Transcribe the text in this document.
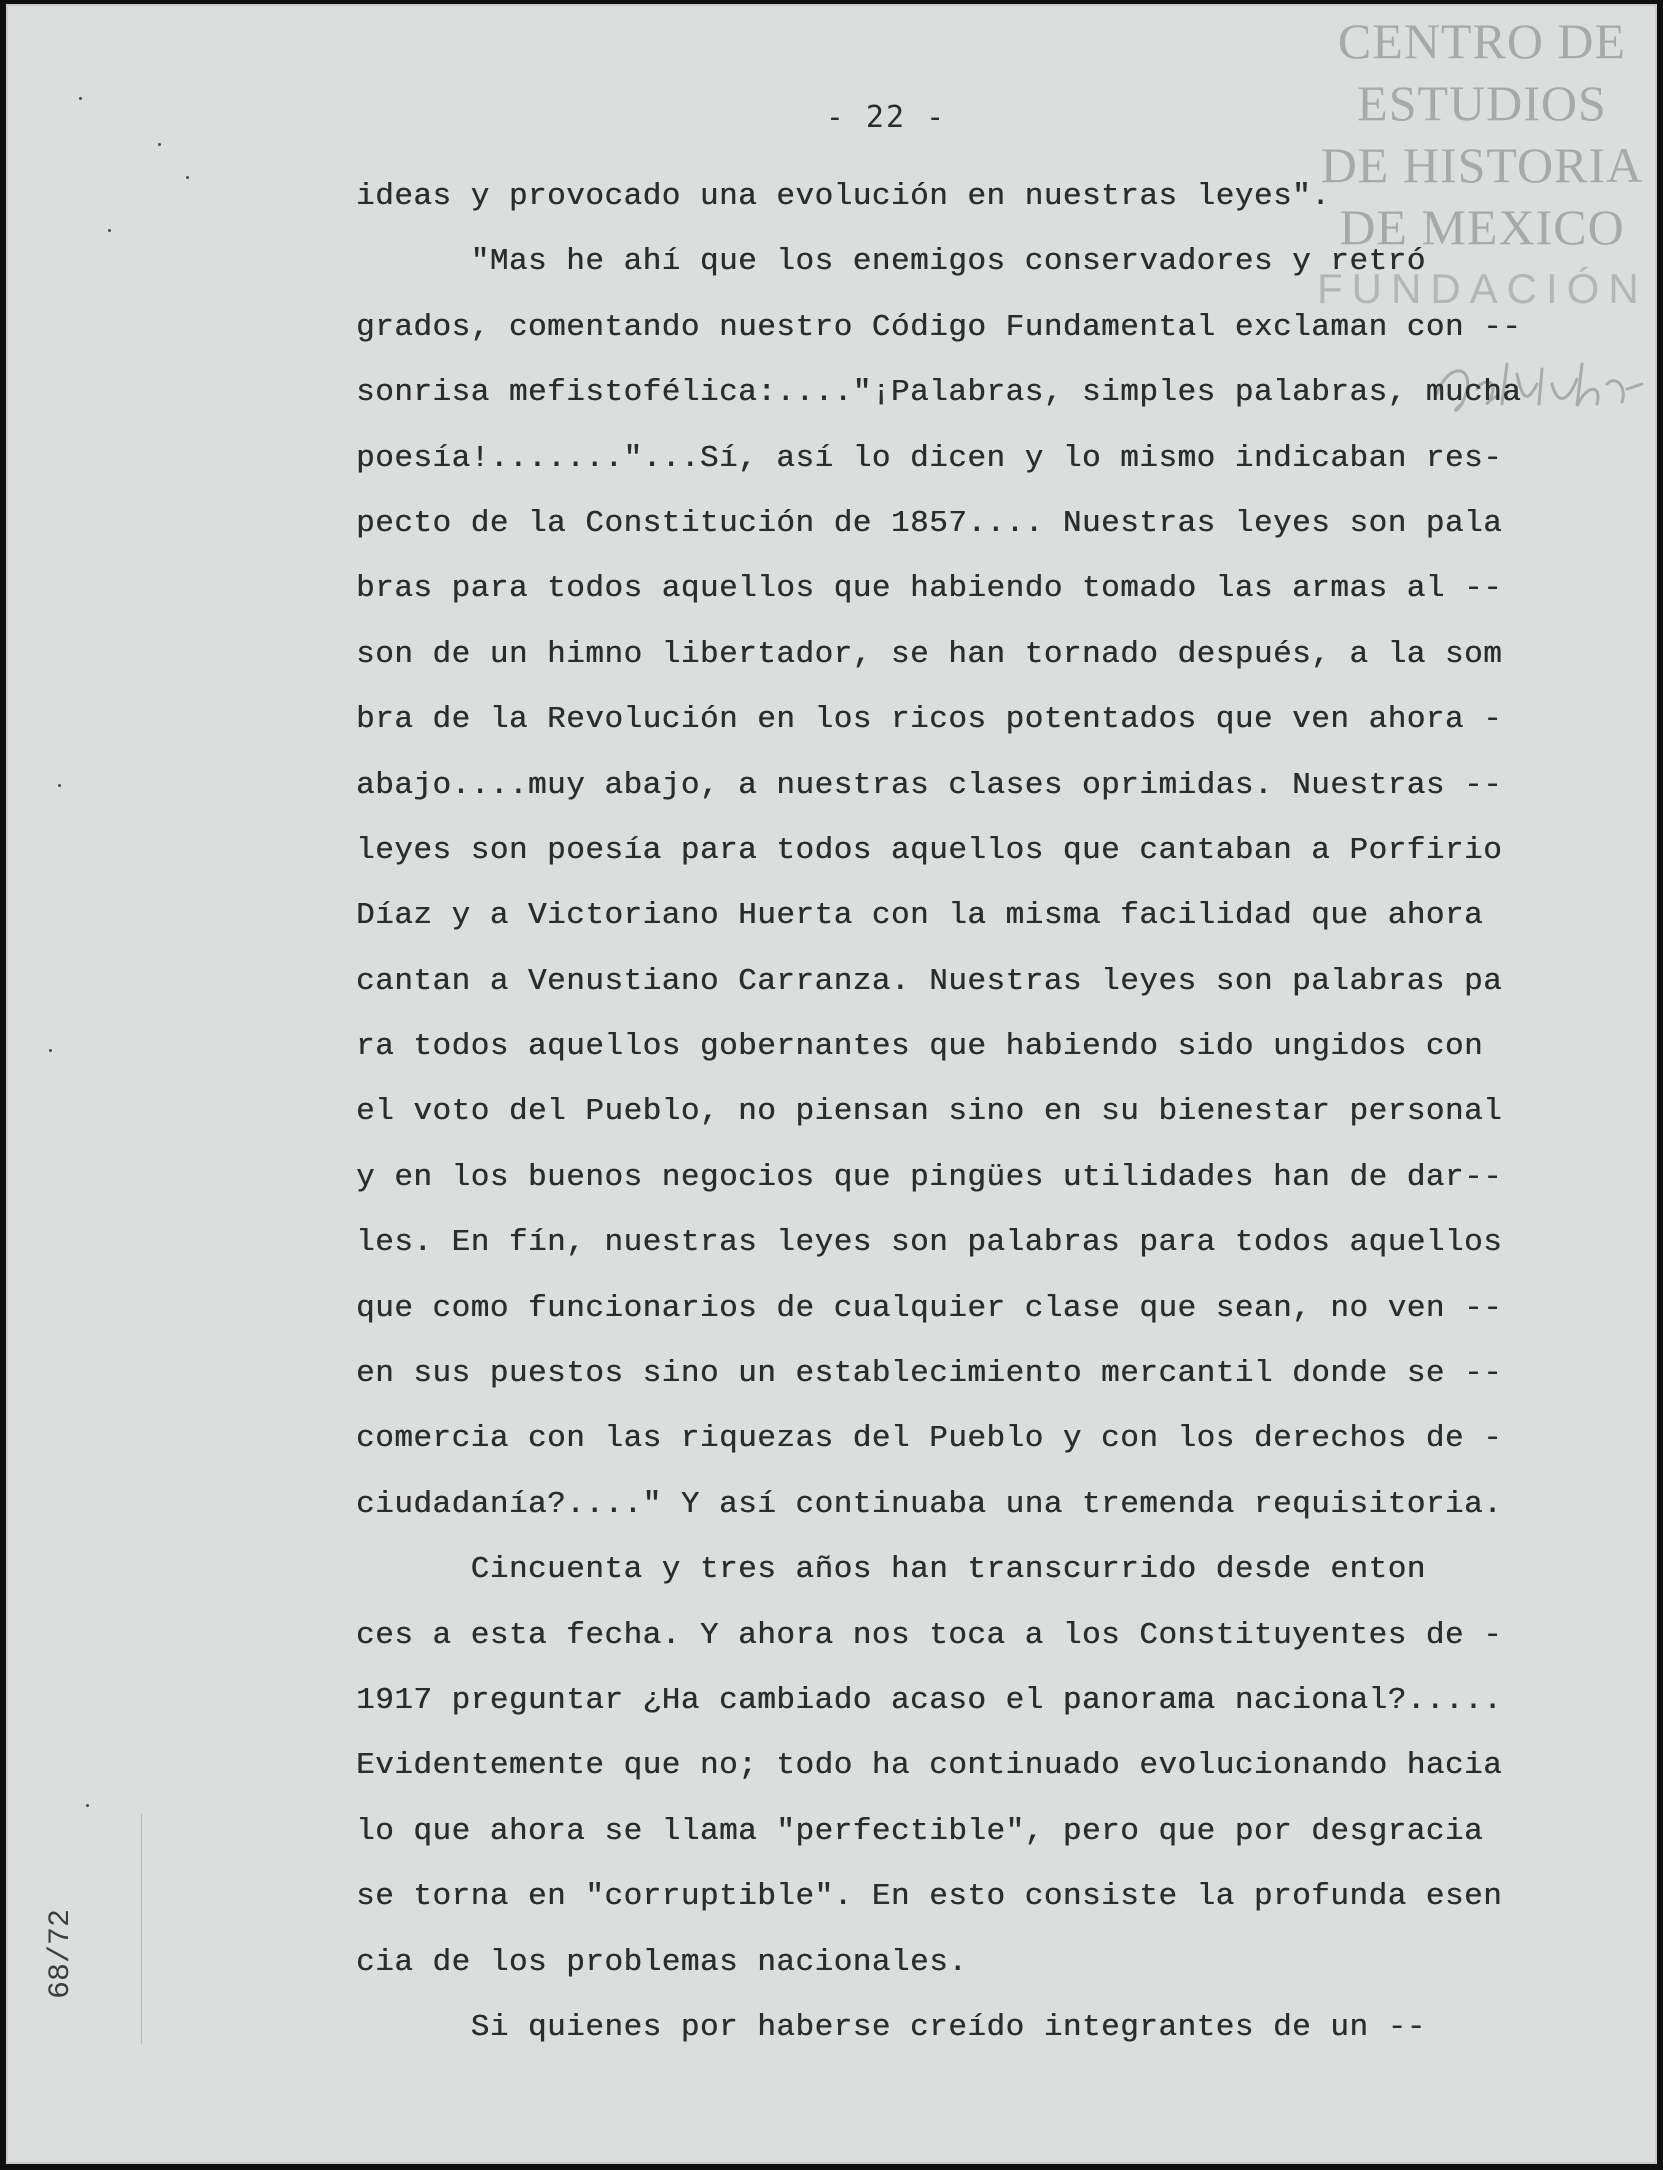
CENTRO DE
ESTUDIOS
DE HISTORIA
DE MEXICO
FUNDACIÓN
- 22 -
ideas y provocado una evolución en nuestras leyes".
"Mas he ahí que los enemigos conservadores y retró
grados, comentando nuestro Código Fundamental exclaman con --
sonrisa mefistofélica:...."¡Palabras, simples palabras, mucha
poesía!......."...Sí, así lo dicen y lo mismo indicaban res-
pecto de la Constitución de 1857.... Nuestras leyes son pala
bras para todos aquellos que habiendo tomado las armas al --
son de un himno libertador, se han tornado después, a la som
bra de la Revolución en los ricos potentados que ven ahora -
abajo....muy abajo, a nuestras clases oprimidas. Nuestras --
leyes son poesía para todos aquellos que cantaban a Porfirio
Díaz y a Victoriano Huerta con la misma facilidad que ahora
cantan a Venustiano Carranza. Nuestras leyes son palabras pa
ra todos aquellos gobernantes que habiendo sido ungidos con
el voto del Pueblo, no piensan sino en su bienestar personal
y en los buenos negocios que pingües utilidades han de dar--
les. En fín, nuestras leyes son palabras para todos aquellos
que como funcionarios de cualquier clase que sean, no ven --
en sus puestos sino un establecimiento mercantil donde se --
comercia con las riquezas del Pueblo y con los derechos de -
ciudadanía?...." Y así continuaba una tremenda requisitoria.
Cincuenta y tres años han transcurrido desde enton
ces a esta fecha. Y ahora nos toca a los Constituyentes de -
1917 preguntar ¿Ha cambiado acaso el panorama nacional?.....
Evidentemente que no; todo ha continuado evolucionando hacia
lo que ahora se llama "perfectible", pero que por desgracia
se torna en "corruptible". En esto consiste la profunda esen
cia de los problemas nacionales.
Si quienes por haberse creído integrantes de un --
68/72
